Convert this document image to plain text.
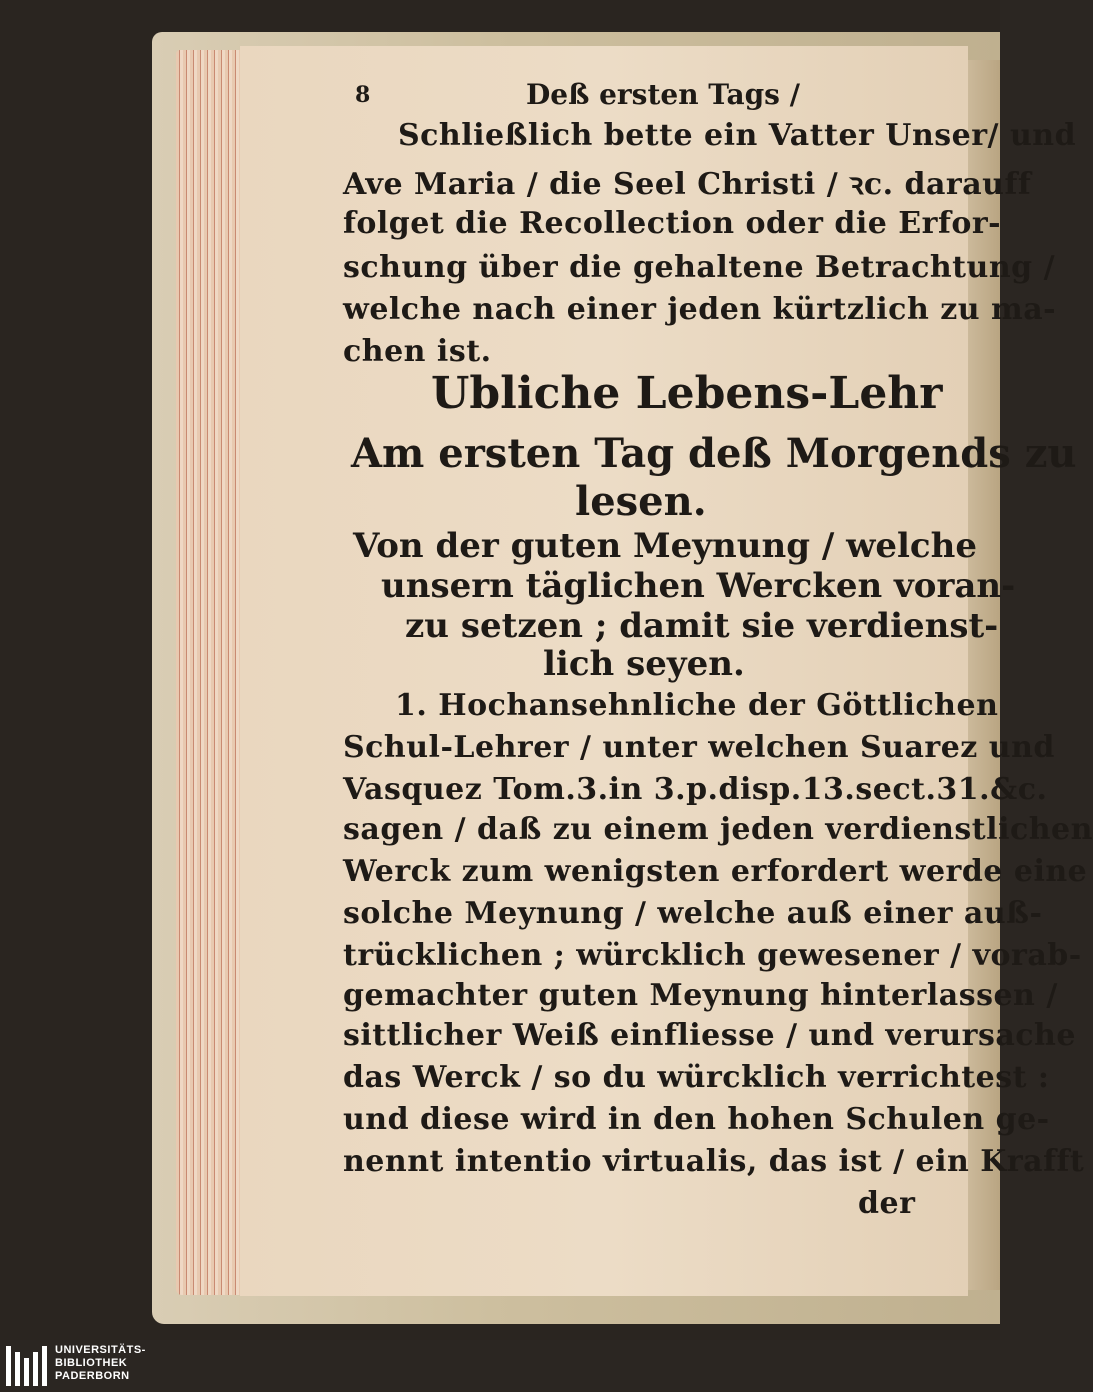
8	Deß ersten Tags /
Schließlich bette ein Vatter Unser/ und
Ave Maria / die Seel Christi / ꝛc. darauff
folget die Recollection oder die Erfor-
schung über die gehaltene Betrachtung /
welche nach einer jeden kürtzlich zu ma-
chen ist.
Ubliche Lebens-Lehr
Am ersten Tag deß Morgends zu
lesen.
Von der guten Meynung / welche
unsern täglichen Wercken voran-
zu setzen ; damit sie verdienst-
lich seyen.
1. Hochansehnliche der Göttlichen
Schul-Lehrer / unter welchen Suarez und
Vasquez Tom.3.in 3.p.disp.13.sect.31.&c.
sagen / daß zu einem jeden verdienstlichen
Werck zum wenigsten erfordert werde eine
solche Meynung / welche auß einer auß-
trücklichen ; würcklich gewesener / vorab-
gemachter guten Meynung hinterlassen /
sittlicher Weiß einfliesse / und verursache
das Werck / so du würcklich verrichtest :
und diese wird in den hohen Schulen ge-
nennt intentio virtualis, das ist / ein Krafft
der
UNIVERSITÄTS-
BIBLIOTHEK
PADERBORN
